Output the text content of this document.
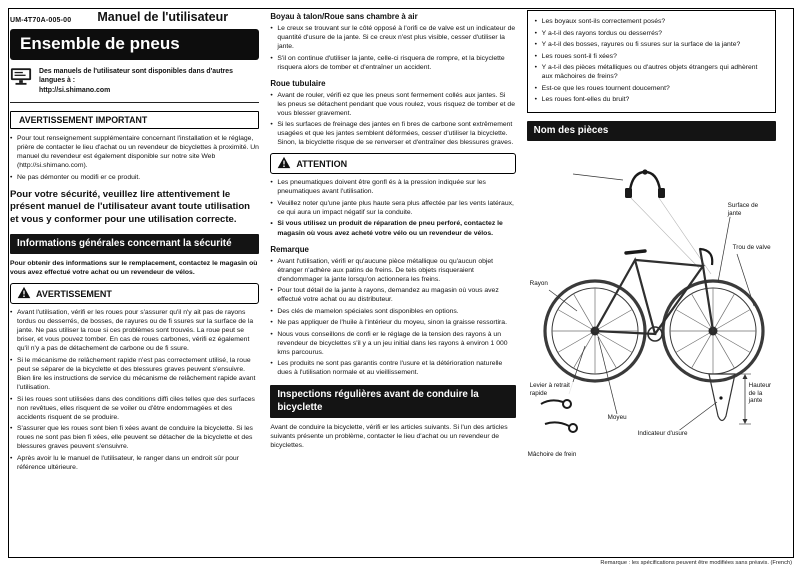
UM-4T70A-005-00 Manuel de l'utilisateur
Ensemble de pneus
Des manuels de l'utilisateur sont disponibles dans d'autres langues à :
http://si.shimano.com
AVERTISSEMENT IMPORTANT
• Pour tout renseignement supplémentaire concernant l'installation et le réglage, prière de contacter le lieu d'achat ou un revendeur de bicyclettes à proximité. Un manuel du revendeur est également disponible sur notre site Web (http://si.shimano.com).
• Ne pas démonter ou modifi er ce produit.
Pour votre sécurité, veuillez lire attentivement le présent manuel de l'utilisateur avant toute utilisation et vous y conformer pour une utilisation correcte.
Informations générales concernant la sécurité
Pour obtenir des informations sur le remplacement, contactez le magasin où vous avez effectué votre achat ou un revendeur de vélos.
AVERTISSEMENT
• Avant l'utilisation, vérifi er les roues pour s'assurer qu'il n'y ait pas de rayons tordus ou desserrés, de bosses, de rayures ou de fi ssures sur la surface de la jante. Ne pas utiliser la roue si ces problèmes sont trouvés. La roue peut se briser, et vous pouvez tomber. En cas de roues carbones, vérifi ez également qu'il n'y a pas de détachement de carbone ou de fi ssure.
• Si le mécanisme de relâchement rapide n'est pas correctement utilisé, la roue peut se séparer de la bicyclette et des blessures graves peuvent s'ensuivre. Bien lire les instructions de service du mécanisme de relâchement rapide avant l'utilisation.
• Si les roues sont utilisées dans des conditions diffi ciles telles que des surfaces non revêtues, elles risquent de se voiler ou d'être endommagées et des accidents risquent de se produire.
• S'assurer que les roues sont bien fi xées avant de conduire la bicyclette. Si les roues ne sont pas bien fi xées, elle peuvent se détacher de la bicyclette et des blessures graves peuvent s'ensuivre.
• Après avoir lu le manuel de l'utilisateur, le ranger dans un endroit sûr pour référence ultérieure.
Boyau à talon/Roue sans chambre à air
• Le creux se trouvant sur le côté opposé à l'orifi ce de valve est un indicateur de quantité d'usure de la jante. Si ce creux n'est plus visible, cesser d'utiliser la jante.
• S'il on continue d'utiliser la jante, celle-ci risquera de rompre, et la bicyclette risquera alors de tomber et d'entraîner un accident.
Roue tubulaire
• Avant de rouler, vérifi ez que les pneus sont fermement collés aux jantes. Si les pneus se détachent pendant que vous roulez, vous risquez de tomber et de vous blesser gravement.
• Si les surfaces de freinage des jantes en fi bres de carbone sont extrêmement usagées et que les jantes semblent déformées, cesser d'utiliser la bicyclette. Sinon, la bicyclette risque de se renverser et d'entraîner des blessures graves.
ATTENTION
• Les pneumatiques doivent être gonfl és à la pression indiquée sur les pneumatiques avant l'utilisation.
• Veuillez noter qu'une jante plus haute sera plus affectée par les vents latéraux, ce qui aura un impact négatif sur la conduite.
• Si vous utilisez un produit de réparation de pneu perforé, contactez le magasin où vous avez acheté votre vélo ou un revendeur de vélos.
Remarque
• Avant l'utilisation, vérifi er qu'aucune pièce métallique ou qu'aucun objet étranger n'adhère aux patins de freins. De tels objets risqueraient d'endommager la jante lorsqu'on actionnera les freins.
• Pour tout détail de la jante à rayons, demandez au magasin où vous avez effectué votre achat ou au distributeur.
• Des clés de mamelon spéciales sont disponibles en options.
• Ne pas appliquer de l'huile à l'intérieur du moyeu, sinon la graisse ressortira.
• Nous vous conseillons de confi er le réglage de la tension des rayons à un revendeur de bicyclettes s'il y a un jeu initial dans les rayons à environ 1 000 kms parcourus.
• Les produits ne sont pas garantis contre l'usure et la détérioration naturelle dues à l'utilisation normale et au vieillissement.
Inspections régulières avant de conduire la bicyclette
Avant de conduire la bicyclette, vérifi er les articles suivants. Si l'un des articles suivants présente un problème, contacter le lieu d'achat ou un revendeur de bicyclettes.
• Les boyaux sont-ils correctement posés?
• Y a-t-il des rayons tordus ou desserrés?
• Y a-t-il des bosses, rayures ou fi ssures sur la surface de la jante?
• Les roues sont-il fi xées?
• Y a-t-il des pièces métalliques ou d'autres objets étrangers qui adhèrent aux mâchoires de freins?
• Est-ce que les roues tournent doucement?
• Les roues font-elles du bruit?
Nom des pièces
Mâchoire de frein
Surface de jante
Trou de valve
Rayon
Levier à retrait rapide
Moyeu
Indicateur d'usure
Hauteur de la jante
Remarque : les spécifications peuvent être modifiées sans préavis. (French)
